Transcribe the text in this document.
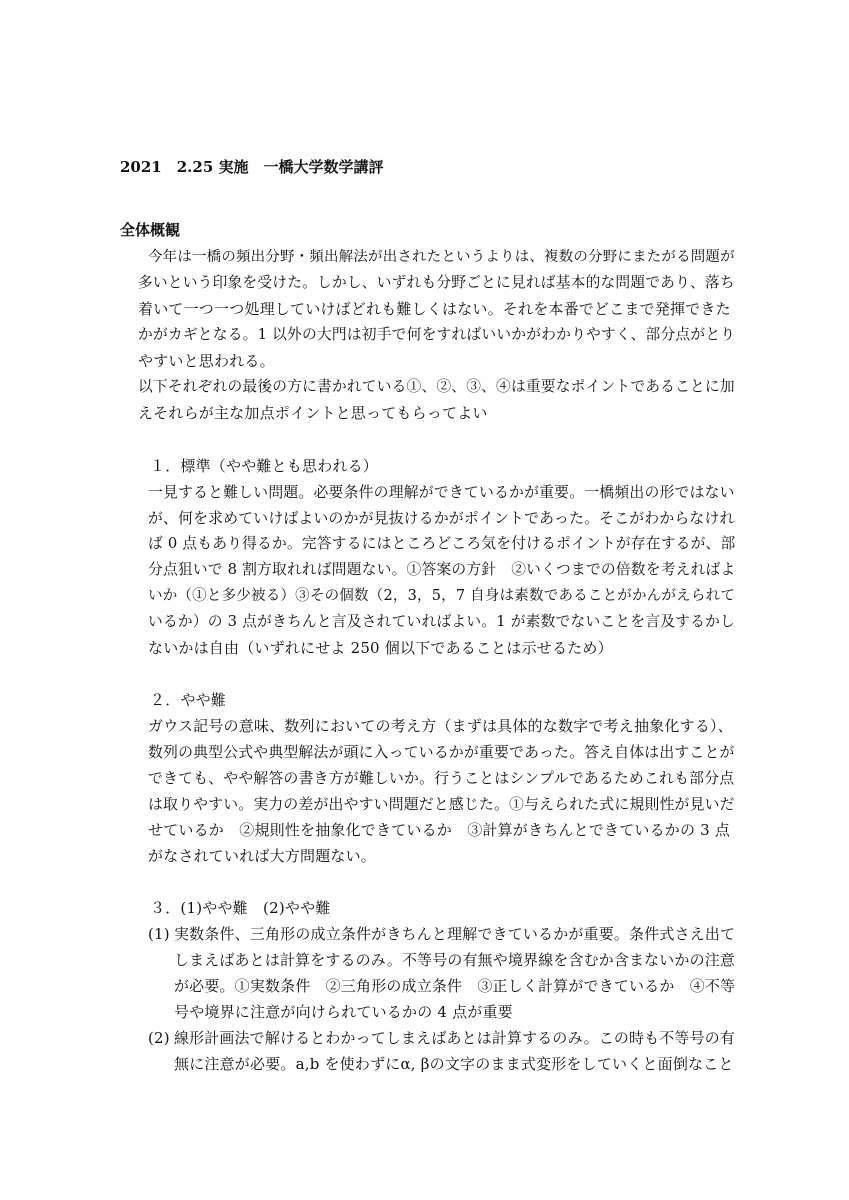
2021　2.25 実施　一橋大学数学講評
全体概観
今年は一橋の頻出分野・頻出解法が出されたというよりは、複数の分野にまたがる問題が
多いという印象を受けた。しかし、いずれも分野ごとに見れば基本的な問題であり、落ち
着いて一つ一つ処理していけばどれも難しくはない。それを本番でどこまで発揮できた
かがカギとなる。1 以外の大門は初手で何をすればいいかがわかりやすく、部分点がとり
やすいと思われる。
以下それぞれの最後の方に書かれている①、②、③、④は重要なポイントであることに加
えそれらが主な加点ポイントと思ってもらってよい
１．標準（やや難とも思われる）
一見すると難しい問題。必要条件の理解ができているかが重要。一橋頻出の形ではない
が、何を求めていけばよいのかが見抜けるかがポイントであった。そこがわからなけれ
ば 0 点もあり得るか。完答するにはところどころ気を付けるポイントが存在するが、部
分点狙いで 8 割方取れれば問題ない。①答案の方針　②いくつまでの倍数を考えればよ
いか（①と多少被る）③その個数（2，3，5，7 自身は素数であることがかんがえられて
いるか）の 3 点がきちんと言及されていればよい。1 が素数でないことを言及するかし
ないかは自由（いずれにせよ 250 個以下であることは示せるため）
２．やや難
ガウス記号の意味、数列においての考え方（まずは具体的な数字で考え抽象化する）、
数列の典型公式や典型解法が頭に入っているかが重要であった。答え自体は出すことが
できても、やや解答の書き方が難しいか。行うことはシンプルであるためこれも部分点
は取りやすい。実力の差が出やすい問題だと感じた。①与えられた式に規則性が見いだ
せているか　②規則性を抽象化できているか　③計算がきちんとできているかの 3 点
がなされていれば大方問題ない。
３．(1)やや難　(2)やや難
(1) 実数条件、三角形の成立条件がきちんと理解できているかが重要。条件式さえ出て
しまえばあとは計算をするのみ。不等号の有無や境界線を含むか含まないかの注意
が必要。①実数条件　②三角形の成立条件　③正しく計算ができているか　④不等
号や境界に注意が向けられているかの 4 点が重要
(2) 線形計画法で解けるとわかってしまえばあとは計算するのみ。この時も不等号の有
無に注意が必要。a,b を使わずにα, βの文字のまま式変形をしていくと面倒なこと
